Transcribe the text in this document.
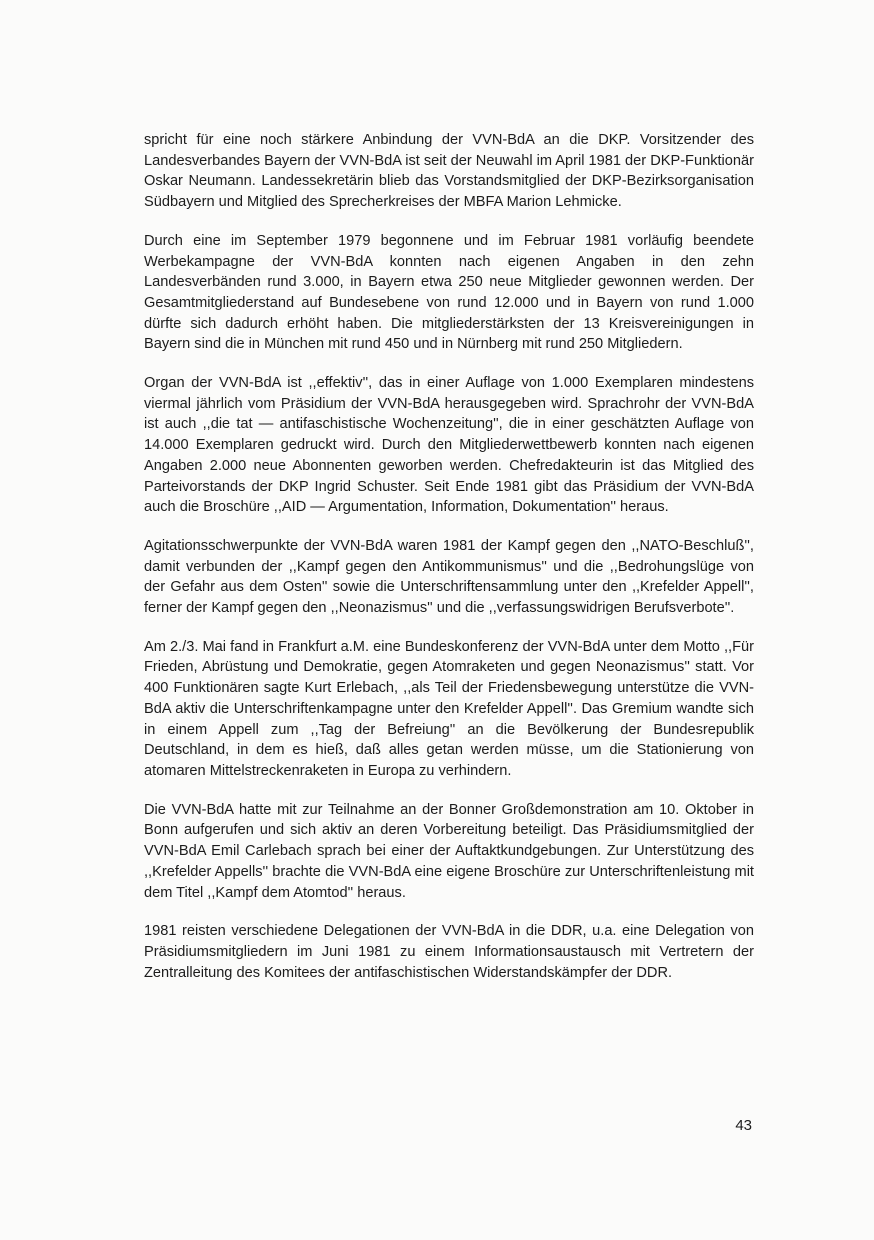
spricht für eine noch stärkere Anbindung der VVN-BdA an die DKP. Vorsitzender des Landesverbandes Bayern der VVN-BdA ist seit der Neuwahl im April 1981 der DKP-Funktionär Oskar Neumann. Landessekretärin blieb das Vorstandsmitglied der DKP-Bezirksorganisation Südbayern und Mitglied des Sprecherkreises der MBFA Marion Lehmicke.

Durch eine im September 1979 begonnene und im Februar 1981 vorläufig beendete Werbekampagne der VVN-BdA konnten nach eigenen Angaben in den zehn Landesverbänden rund 3.000, in Bayern etwa 250 neue Mitglieder gewonnen werden. Der Gesamtmitgliederstand auf Bundesebene von rund 12.000 und in Bayern von rund 1.000 dürfte sich dadurch erhöht haben. Die mitgliederstärksten der 13 Kreisvereinigungen in Bayern sind die in München mit rund 450 und in Nürnberg mit rund 250 Mitgliedern.

Organ der VVN-BdA ist ,,effektiv'', das in einer Auflage von 1.000 Exemplaren mindestens viermal jährlich vom Präsidium der VVN-BdA herausgegeben wird. Sprachrohr der VVN-BdA ist auch ,,die tat — antifaschistische Wochenzeitung'', die in einer geschätzten Auflage von 14.000 Exemplaren gedruckt wird. Durch den Mitgliederwettbewerb konnten nach eigenen Angaben 2.000 neue Abonnenten geworben werden. Chefredakteurin ist das Mitglied des Parteivorstands der DKP Ingrid Schuster. Seit Ende 1981 gibt das Präsidium der VVN-BdA auch die Broschüre ,,AID — Argumentation, Information, Dokumentation'' heraus.

Agitationsschwerpunkte der VVN-BdA waren 1981 der Kampf gegen den ,,NATO-Beschluß'', damit verbunden der ,,Kampf gegen den Antikommunismus'' und die ,,Bedrohungslüge von der Gefahr aus dem Osten'' sowie die Unterschriftensammlung unter den ,,Krefelder Appell'', ferner der Kampf gegen den ,,Neonazismus'' und die ,,verfassungswidrigen Berufsverbote''.

Am 2./3. Mai fand in Frankfurt a.M. eine Bundeskonferenz der VVN-BdA unter dem Motto ,,Für Frieden, Abrüstung und Demokratie, gegen Atomraketen und gegen Neonazismus'' statt. Vor 400 Funktionären sagte Kurt Erlebach, ,,als Teil der Friedensbewegung unterstütze die VVN-BdA aktiv die Unterschriftenkampagne unter den Krefelder Appell''. Das Gremium wandte sich in einem Appell zum ,,Tag der Befreiung'' an die Bevölkerung der Bundesrepublik Deutschland, in dem es hieß, daß alles getan werden müsse, um die Stationierung von atomaren Mittelstreckenraketen in Europa zu verhindern.

Die VVN-BdA hatte mit zur Teilnahme an der Bonner Großdemonstration am 10. Oktober in Bonn aufgerufen und sich aktiv an deren Vorbereitung beteiligt. Das Präsidiumsmitglied der VVN-BdA Emil Carlebach sprach bei einer der Auftaktkundgebungen. Zur Unterstützung des ,,Krefelder Appells'' brachte die VVN-BdA eine eigene Broschüre zur Unterschriftenleistung mit dem Titel ,,Kampf dem Atomtod'' heraus.

1981 reisten verschiedene Delegationen der VVN-BdA in die DDR, u.a. eine Delegation von Präsidiumsmitgliedern im Juni 1981 zu einem Informationsaustausch mit Vertretern der Zentralleitung des Komitees der antifaschistischen Widerstandskämpfer der DDR.

43
